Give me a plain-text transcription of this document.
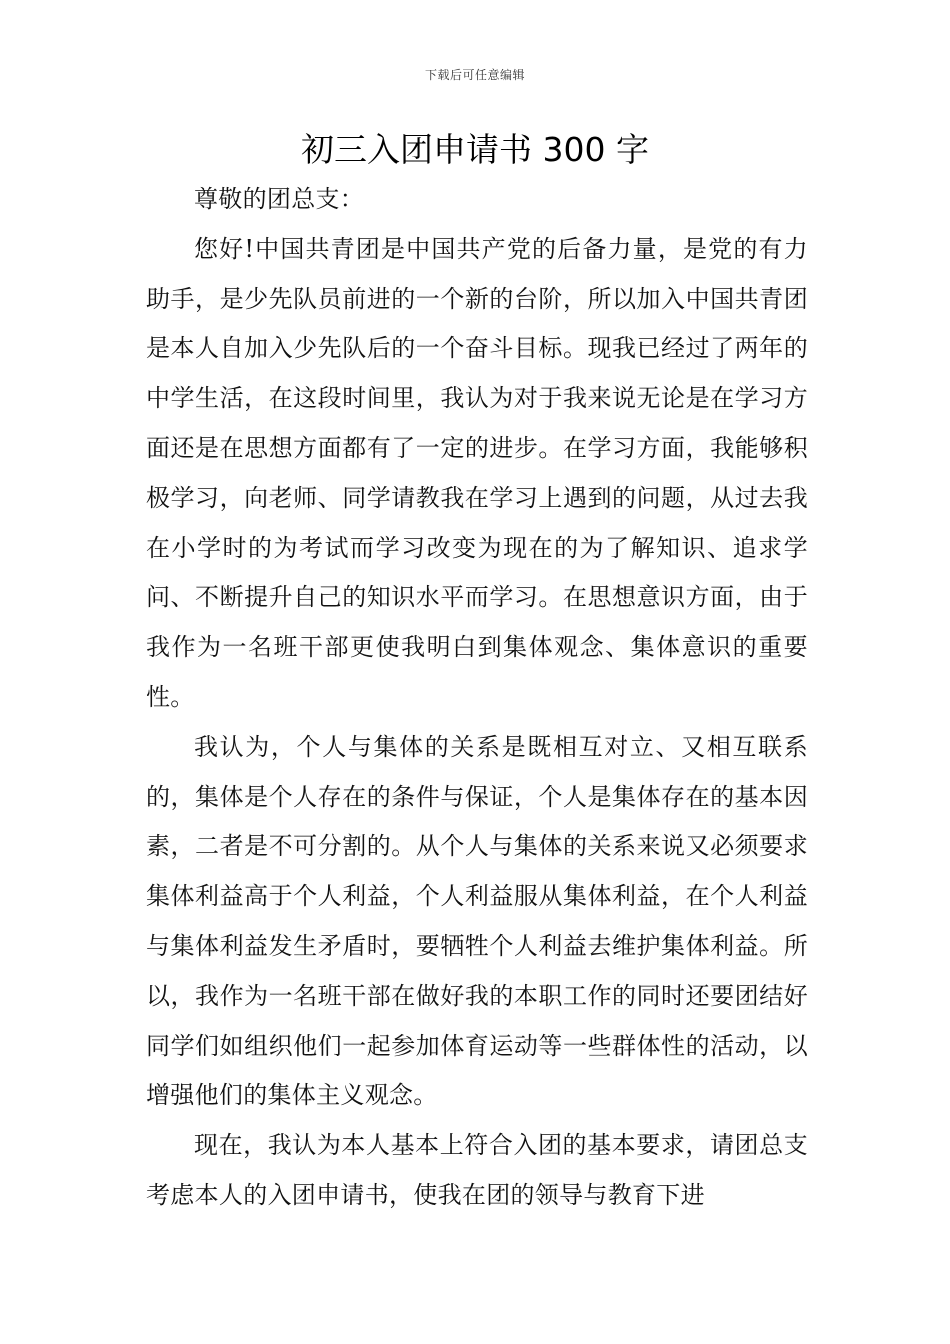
下载后可任意编辑
初三入团申请书 300 字

尊敬的团总支：

您好!中国共青团是中国共产党的后备力量，是党的有力助手，是少先队员前进的一个新的台阶，所以加入中国共青团是本人自加入少先队后的一个奋斗目标。现我已经过了两年的中学生活，在这段时间里，我认为对于我来说无论是在学习方面还是在思想方面都有了一定的进步。在学习方面，我能够积极学习，向老师、同学请教我在学习上遇到的问题，从过去我在小学时的为考试而学习改变为现在的为了解知识、追求学问、不断提升自己的知识水平而学习。在思想意识方面，由于我作为一名班干部更使我明白到集体观念、集体意识的重要性。

我认为，个人与集体的关系是既相互对立、又相互联系的，集体是个人存在的条件与保证，个人是集体存在的基本因素，二者是不可分割的。从个人与集体的关系来说又必须要求集体利益高于个人利益，个人利益服从集体利益，在个人利益与集体利益发生矛盾时，要牺牲个人利益去维护集体利益。所以，我作为一名班干部在做好我的本职工作的同时还要团结好同学们如组织他们一起参加体育运动等一些群体性的活动，以增强他们的集体主义观念。

现在，我认为本人基本上符合入团的基本要求，请团总支考虑本人的入团申请书，使我在团的领导与教育下进
